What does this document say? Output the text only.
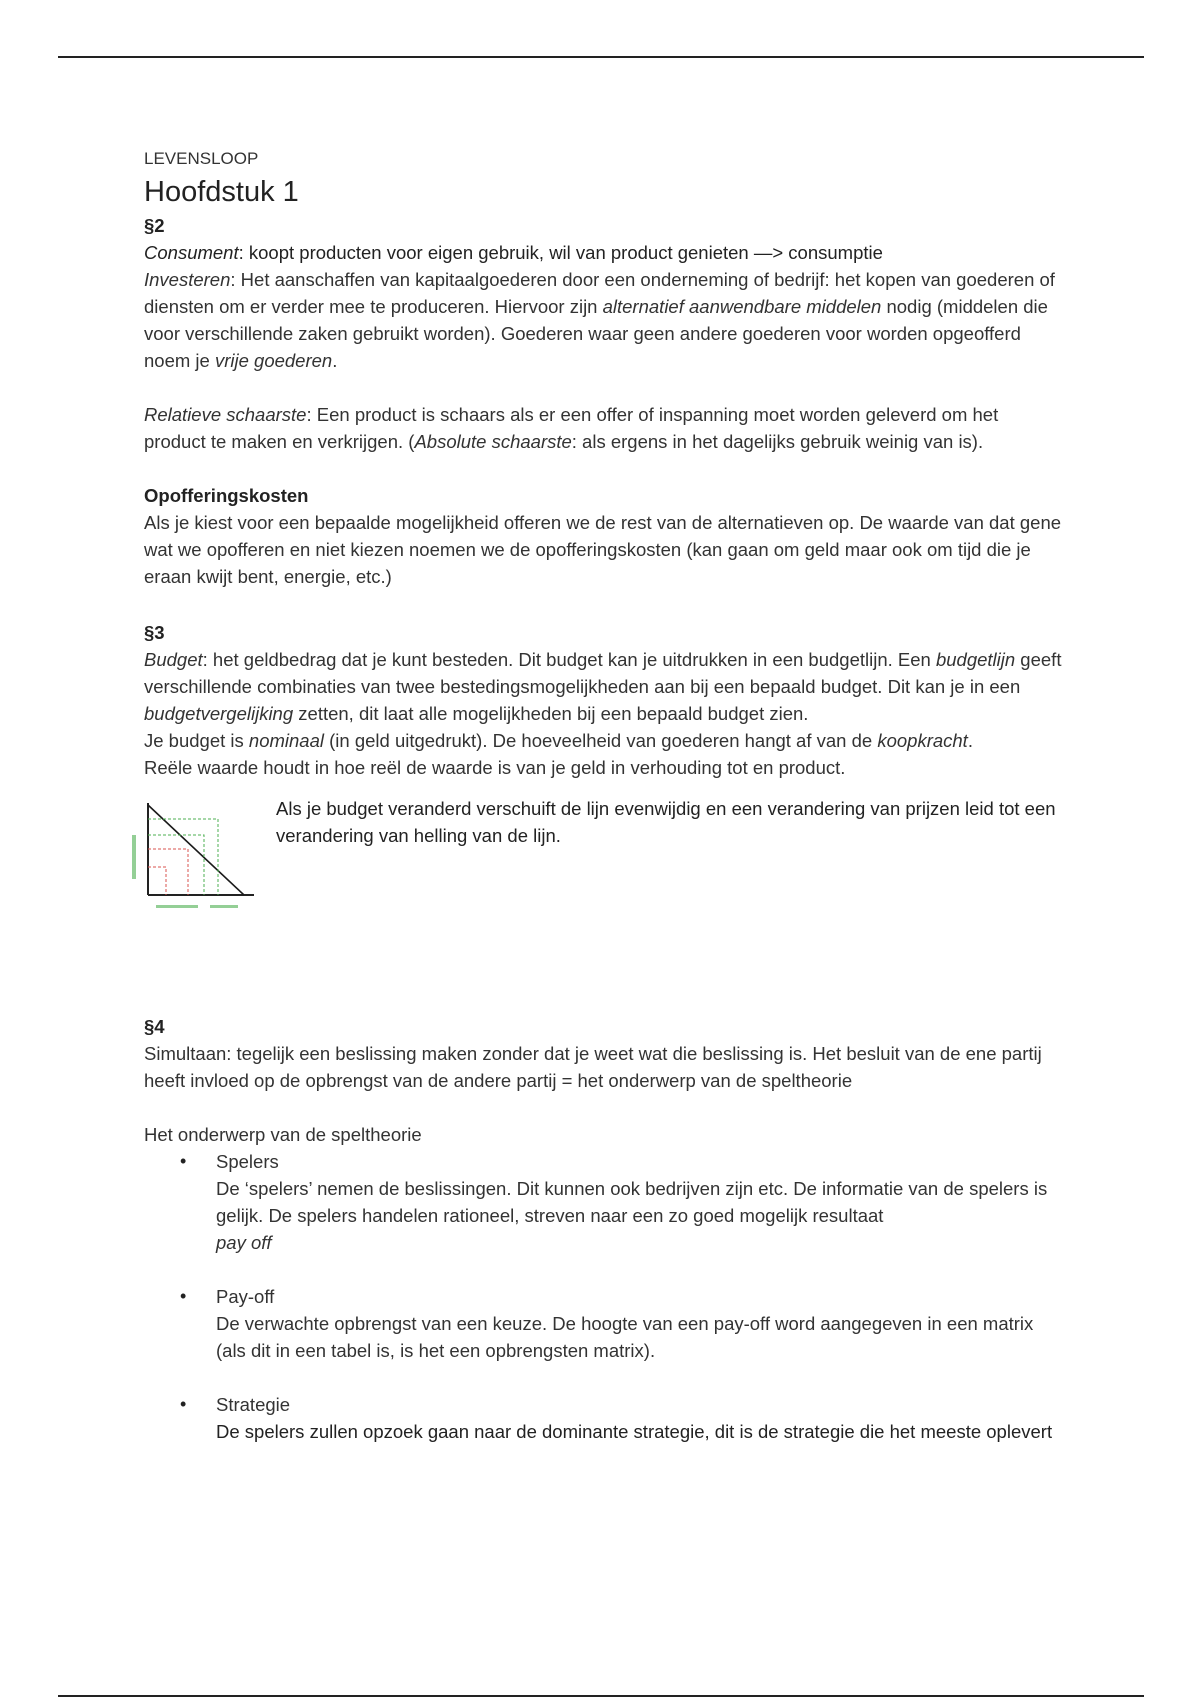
LEVENSLOOP
Hoofdstuk 1
§2

Consument: koopt producten voor eigen gebruik, wil van product genieten —> consumptie

Investeren: Het aanschaffen van kapitaalgoederen door een onderneming of bedrijf: het kopen van goederen of diensten om er verder mee te produceren. Hiervoor zijn alternatief aanwendbare middelen nodig (middelen die voor verschillende zaken gebruikt worden). Goederen waar geen andere goederen voor worden opgeofferd noem je vrije goederen.

Relatieve schaarste: Een product is schaars als er een offer of inspanning moet worden geleverd om het product te maken en verkrijgen. (Absolute schaarste: als ergens in het dagelijks gebruik weinig van is).

Opofferingskosten

Als je kiest voor een bepaalde mogelijkheid offeren we de rest van de alternatieven op. De waarde van dat gene wat we opofferen en niet kiezen noemen we de opofferingskosten (kan gaan om geld maar ook om tijd die je eraan kwijt bent, energie, etc.)

§3

Budget: het geldbedrag dat je kunt besteden. Dit budget kan je uitdrukken in een budgetlijn. Een budgetlijn geeft verschillende combinaties van twee bestedingsmogelijkheden aan bij een bepaald budget. Dit kan je in een budgetvergelijking zetten, dit laat alle mogelijkheden bij een bepaald budget zien.

Je budget is nominaal (in geld uitgedrukt). De hoeveelheid van goederen hangt af van de koopkracht.

Reële waarde houdt in hoe reël de waarde is van je geld in verhouding tot en product.

Als je budget veranderd verschuift de lijn evenwijdig en een verandering van prijzen leid tot een verandering van helling van de lijn.
§4

Simultaan: tegelijk een beslissing maken zonder dat je weet wat die beslissing is. Het besluit van de ene partij heeft invloed op de opbrengst van de andere partij = het onderwerp van de speltheorie

Het onderwerp van de speltheorie

• Spelers
De ‘spelers’ nemen de beslissingen. Dit kunnen ook bedrijven zijn etc. De informatie van de spelers is gelijk. De spelers handelen rationeel, streven naar een zo goed mogelijk resultaat
pay off
• Pay-off
De verwachte opbrengst van een keuze. De hoogte van een pay-off word aangegeven in een matrix (als dit in een tabel is, is het een opbrengsten matrix).
• Strategie
De spelers zullen opzoek gaan naar de dominante strategie, dit is de strategie die het meeste oplevert
